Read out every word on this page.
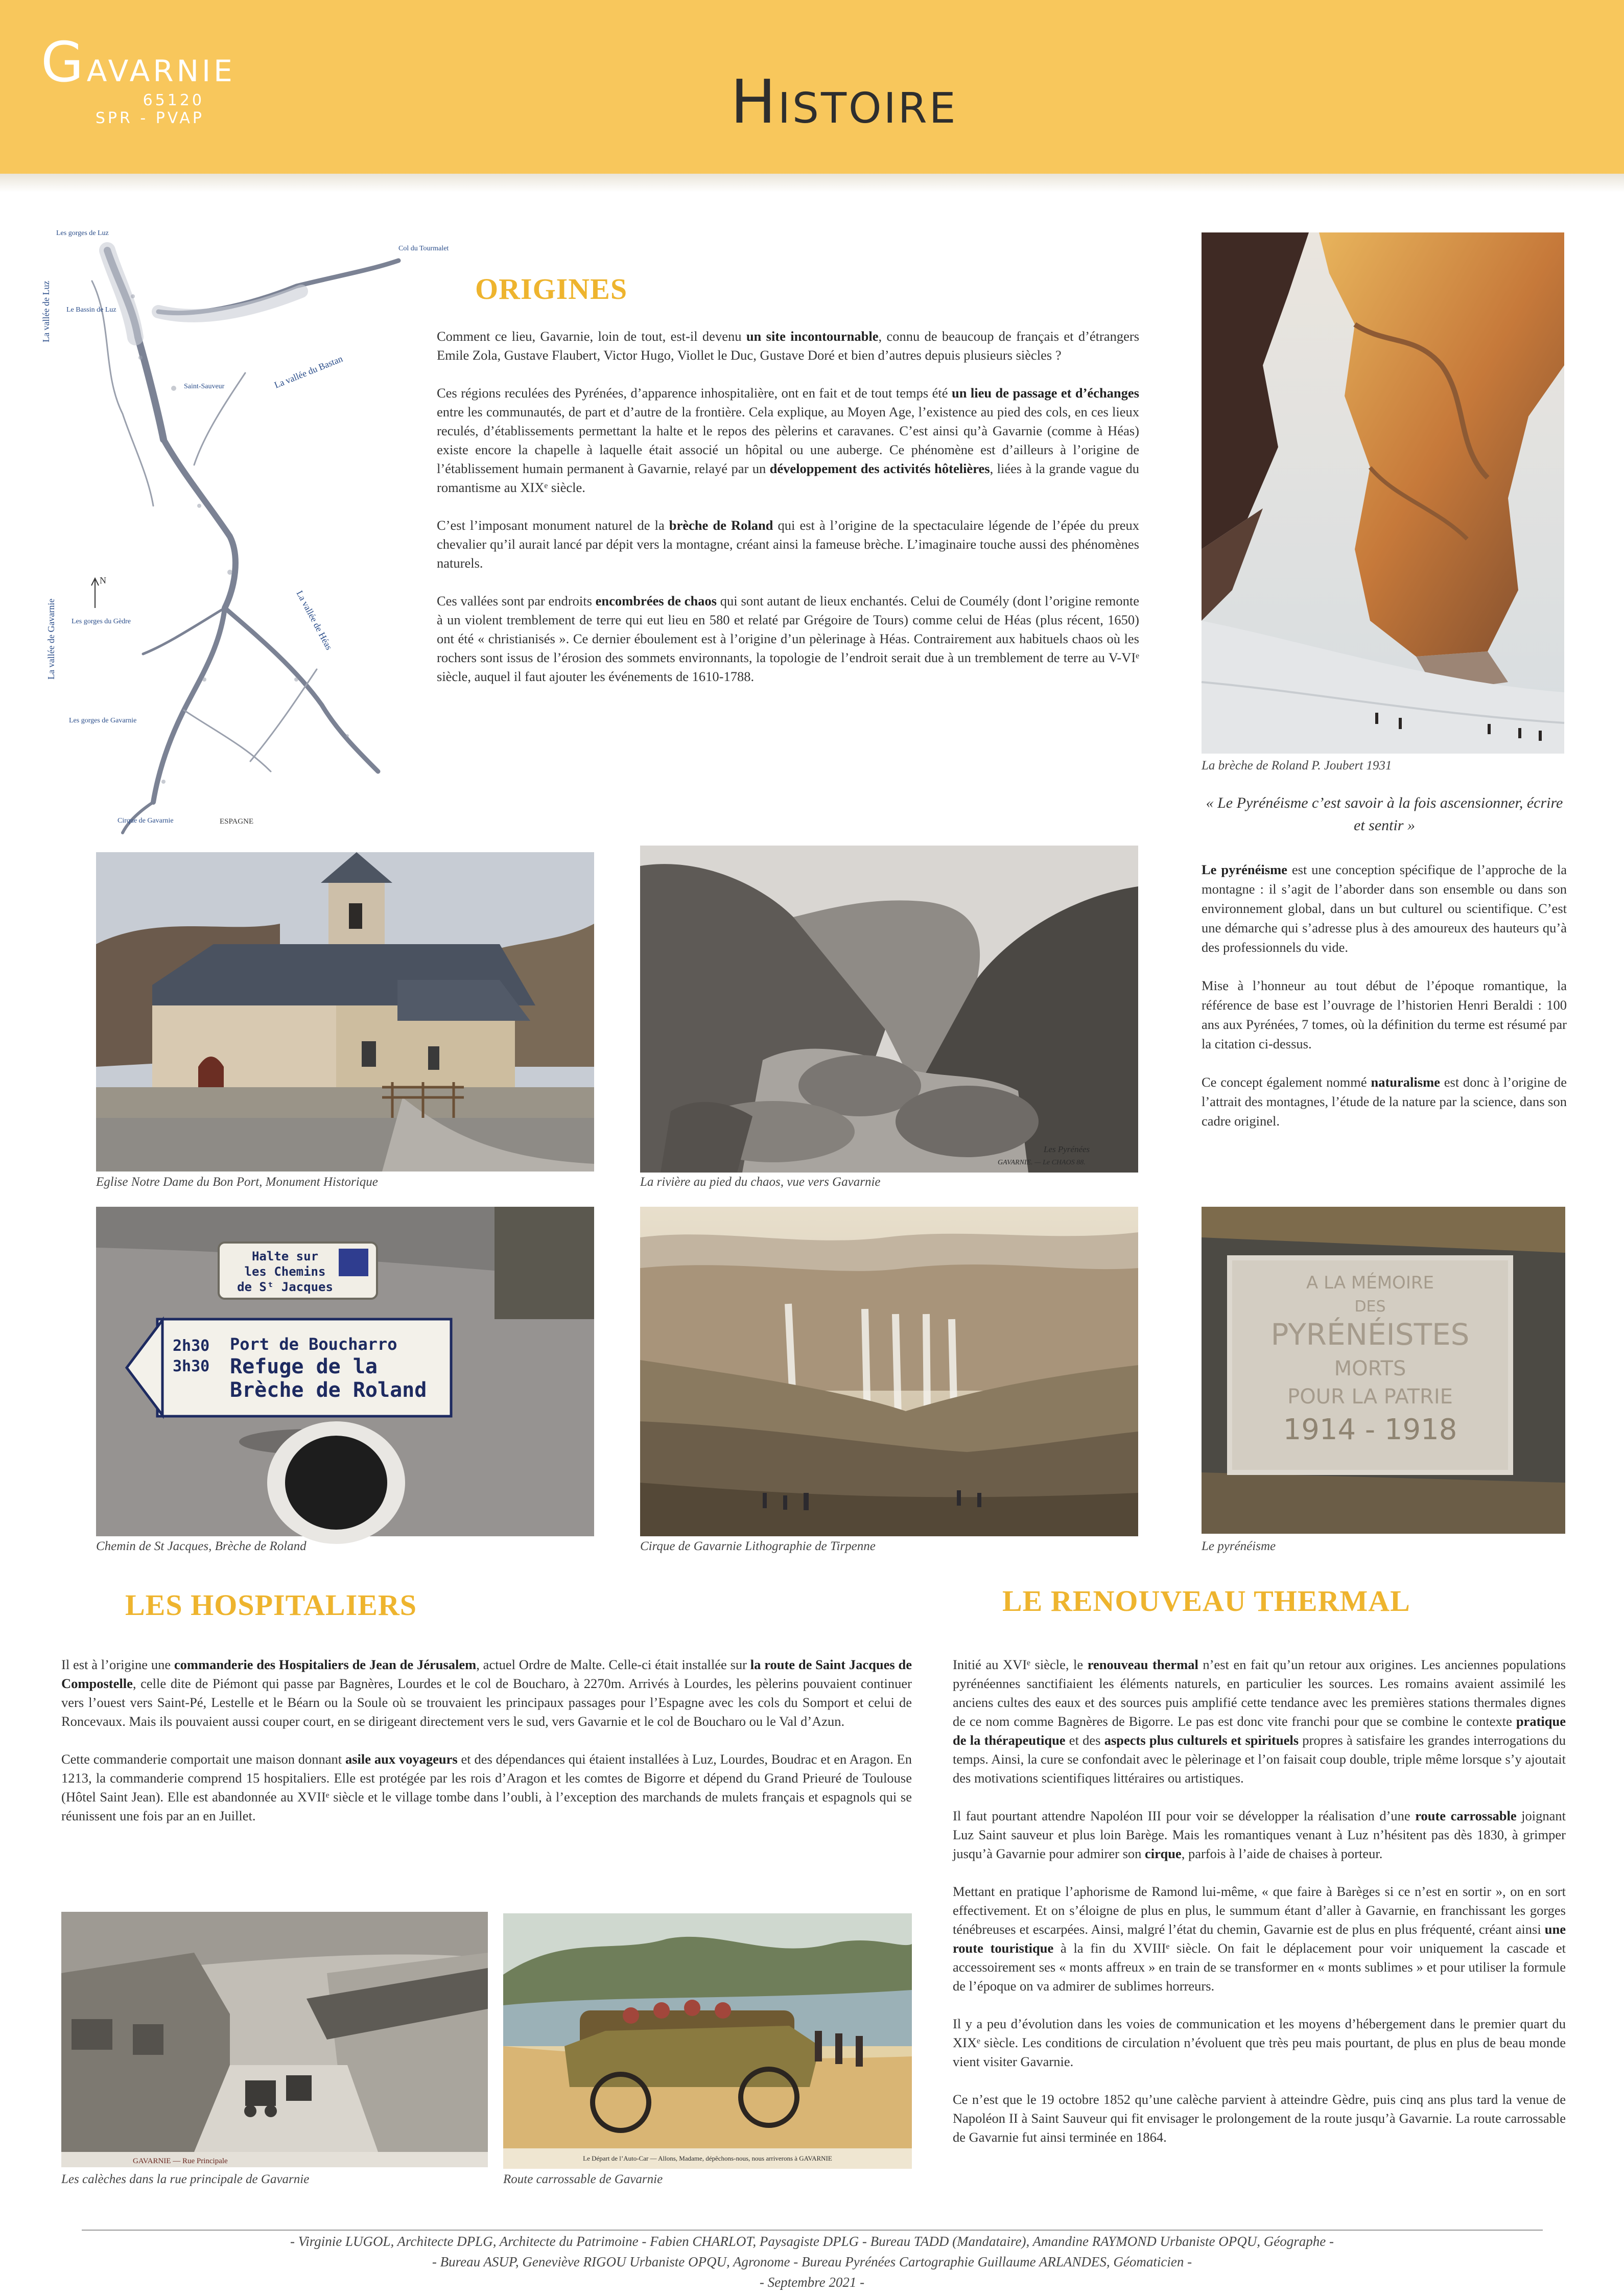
GAVARNIE
65120
SPR - PVAP	HISTOIRE
Les gorges de Luz
Col du Tourmalet
La vallée de Luz Le Bassin de Luz
Saint-Sauveur	La vallée du Bastan
N
La vallée de Héas
Les gorges du Gèdre
La vallée de Gavarnie
Les gorges de Gavarnie
Cirque de Gavarnie	ESPAGNE
ORIGINES

Comment ce lieu, Gavarnie, loin de tout, est-il devenu un site incontournable, connu de beaucoup de français et d’étrangers Emile Zola, Gustave Flaubert, Victor Hugo, Viollet le Duc, Gustave Doré et bien d’autres depuis plusieurs siècles ?

Ces régions reculées des Pyrénées, d’apparence inhospitalière, ont en fait et de tout temps été un lieu de passage et d’échanges entre les communautés, de part et d’autre de la frontière. Cela explique, au Moyen Age, l’existence au pied des cols, en ces lieux reculés, d’établissements permettant la halte et le repos des pèlerins et caravanes. C’est ainsi qu’à Gavarnie (comme à Héas) existe encore la chapelle à laquelle était associé un hôpital ou une auberge. Ce phénomène est d’ailleurs à l’origine de l’établissement humain permanent à Gavarnie, relayé par un développement des activités hôtelières, liées à la grande vague du romantisme au XIXᵉ siècle.

C’est l’imposant monument naturel de la brèche de Roland qui est à l’origine de la spectaculaire légende de l’épée du preux chevalier qu’il aurait lancé par dépit vers la montagne, créant ainsi la fameuse brèche. L’imaginaire touche aussi des phénomènes naturels.

Ces vallées sont par endroits encombrées de chaos qui sont autant de lieux enchantés. Celui de Coumély (dont l’origine remonte à un violent tremblement de terre qui eut lieu en 580 et relaté par Grégoire de Tours) comme celui de Héas (plus récent, 1650) ont été « christianisés ». Ce dernier éboulement est à l’origine d’un pèlerinage à Héas. Contrairement aux habituels chaos où les rochers sont issus de l’érosion des sommets environnants, la topologie de l’endroit serait due à un tremblement de terre au V-VIᵉ siècle, auquel il faut ajouter les événements de 1610-1788.

La brèche de Roland P. Joubert 1931
« Le Pyrénéisme c’est savoir à la fois ascensionner, écrire et sentir »

Le pyrénéisme est une conception spécifique de l’approche de la montagne : il s’agit de l’aborder dans son ensemble ou dans son environnement global, dans un but culturel ou scientifique. C’est une démarche qui s’adresse plus à des amoureux des hauteurs qu’à des professionnels du vide.

Mise à l’honneur au tout début de l’époque romantique, la référence de base est l’ouvrage de l’historien Henri Beraldi : 100 ans aux Pyrénées, 7 tomes, où la définition du terme est résumé par la citation ci-dessus.

Ce concept également nommé naturalisme est donc à l’origine de l’attrait des montagnes, l’étude de la nature par la science, dans son cadre originel.

Eglise Notre Dame du Bon Port, Monument Historique
Les Pyrénées
GAVARNIE. — Le CHAOS 88.
La rivière au pied du chaos, vue vers Gavarnie
Halte sur
les Chemins
de Sᵗ Jacques
2h30
3h30
Port de Boucharro
Refuge de la
Brèche de Roland
Chemin de St Jacques, Brèche de Roland	Cirque de Gavarnie Lithographie de Tirpenne
A LA MÉMOIRE
DES
PYRÉNÉISTES
MORTS
POUR LA PATRIE
1914 - 1918
Le pyrénéisme
LES HOSPITALIERS

Il est à l’origine une commanderie des Hospitaliers de Jean de Jérusalem, actuel Ordre de Malte. Celle-ci était installée sur la route de Saint Jacques de Compostelle, celle dite de Piémont qui passe par Bagnères, Lourdes et le col de Boucharo, à 2270m. Arrivés à Lourdes, les pèlerins pouvaient continuer vers l’ouest vers Saint-Pé, Lestelle et le Béarn ou la Soule où se trouvaient les principaux passages pour l’Espagne avec les cols du Somport et celui de Roncevaux. Mais ils pouvaient aussi couper court, en se dirigeant directement vers le sud, vers Gavarnie et le col de Boucharo ou le Val d’Azun.

Cette commanderie comportait une maison donnant asile aux voyageurs et des dépendances qui étaient installées à Luz, Lourdes, Boudrac et en Aragon. En 1213, la commanderie comprend 15 hospitaliers. Elle est protégée par les rois d’Aragon et les comtes de Bigorre et dépend du Grand Prieuré de Toulouse (Hôtel Saint Jean). Elle est abandonnée au XVIIᵉ siècle et le village tombe dans l’oubli, à l’exception des marchands de mulets français et espagnols qui se réunissent une fois par an en Juillet.

GAVARNIE — Rue Principale
Les calèches dans la rue principale de Gavarnie
Le Départ de l’Auto-Car — Allons, Madame, dépêchons-nous, nous arriverons à GAVARNIE
Route carrossable de Gavarnie
LE RENOUVEAU THERMAL

Initié au XVIᵉ siècle, le renouveau thermal n’est en fait qu’un retour aux origines. Les anciennes populations pyrénéennes sanctifiaient les éléments naturels, en particulier les sources. Les romains avaient assimilé les anciens cultes des eaux et des sources puis amplifié cette tendance avec les premières stations thermales dignes de ce nom comme Bagnères de Bigorre. Le pas est donc vite franchi pour que se combine le contexte pratique de la thérapeutique et des aspects plus culturels et spirituels propres à satisfaire les grandes interrogations du temps. Ainsi, la cure se confondait avec le pèlerinage et l’on faisait coup double, triple même lorsque s’y ajoutait des motivations scientifiques littéraires ou artistiques.

Il faut pourtant attendre Napoléon III pour voir se développer la réalisation d’une route carrossable joignant Luz Saint sauveur et plus loin Barège. Mais les romantiques venant à Luz n’hésitent pas dès 1830, à grimper jusqu’à Gavarnie pour admirer son cirque, parfois à l’aide de chaises à porteur.

Mettant en pratique l’aphorisme de Ramond lui-même, « que faire à Barèges si ce n’est en sortir », on en sort effectivement. Et on s’éloigne de plus en plus, le summum étant d’aller à Gavarnie, en franchissant les gorges ténébreuses et escarpées. Ainsi, malgré l’état du chemin, Gavarnie est de plus en plus fréquenté, créant ainsi une route touristique à la fin du XVIIIᵉ siècle. On fait le déplacement pour voir uniquement la cascade et accessoirement ses « monts affreux » en train de se transformer en « monts sublimes » et pour utiliser la formule de l’époque on va admirer de sublimes horreurs.

Il y a peu d’évolution dans les voies de communication et les moyens d’hébergement dans le premier quart du XIXᵉ siècle. Les conditions de circulation n’évoluent que très peu mais pourtant, de plus en plus de beau monde vient visiter Gavarnie.

Ce n’est que le 19 octobre 1852 qu’une calèche parvient à atteindre Gèdre, puis cinq ans plus tard la venue de Napoléon II à Saint Sauveur qui fit envisager le prolongement de la route jusqu’à Gavarnie. La route carrossable de Gavarnie fut ainsi terminée en 1864.

- Virginie LUGOL, Architecte DPLG, Architecte du Patrimoine - Fabien CHARLOT, Paysagiste DPLG - Bureau TADD (Mandataire), Amandine RAYMOND Urbaniste OPQU, Géographe -
- Bureau ASUP, Geneviève RIGOU Urbaniste OPQU, Agronome - Bureau Pyrénées Cartographie Guillaume ARLANDES, Géomaticien -
- Septembre 2021 -
